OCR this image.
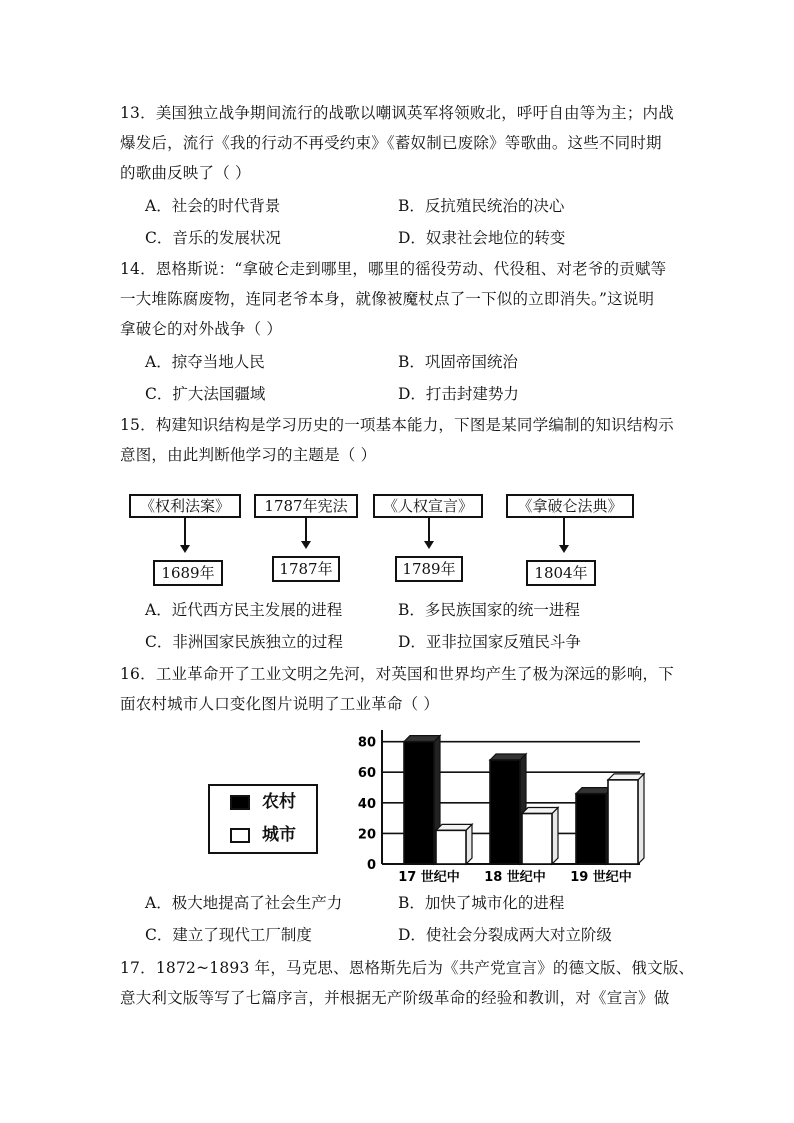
13．美国独立战争期间流行的战歌以嘲讽英军将领败北，呼吁自由等为主；内战
爆发后，流行《我的行动不再受约束》《蓄奴制已废除》等歌曲。这些不同时期
的歌曲反映了（ ）
A．社会的时代背景	B．反抗殖民统治的决心
C．音乐的发展状况	D．奴隶社会地位的转变
14．恩格斯说：“拿破仑走到哪里，哪里的徭役劳动、代役租、对老爷的贡赋等
一大堆陈腐废物，连同老爷本身，就像被魔杖点了一下似的立即消失。”这说明
拿破仑的对外战争（ ）
A．掠夺当地人民	B．巩固帝国统治
C．扩大法国疆域	D．打击封建势力
15．构建知识结构是学习历史的一项基本能力，下图是某同学编制的知识结构示
意图，由此判断他学习的主题是（ ）
《权利法案》	1787年宪法	《人权宣言》	《拿破仑法典》
1689年	1787年	1789年	1804年
A．近代西方民主发展的进程	B．多民族国家的统一进程
C．非洲国家民族独立的过程	D．亚非拉国家反殖民斗争
16．工业革命开了工业文明之先河，对英国和世界均产生了极为深远的影响，下
面农村城市人口变化图片说明了工业革命（ ）
农村
城市
0
20
40
60
80
17 世纪中 18 世纪中 19 世纪中
A．极大地提高了社会生产力	B．加快了城市化的进程
C．建立了现代工厂制度	D．使社会分裂成两大对立阶级
17．1872~1893 年，马克思、恩格斯先后为《共产党宣言》的德文版、俄文版、
意大利文版等写了七篇序言，并根据无产阶级革命的经验和教训，对《宣言》做
